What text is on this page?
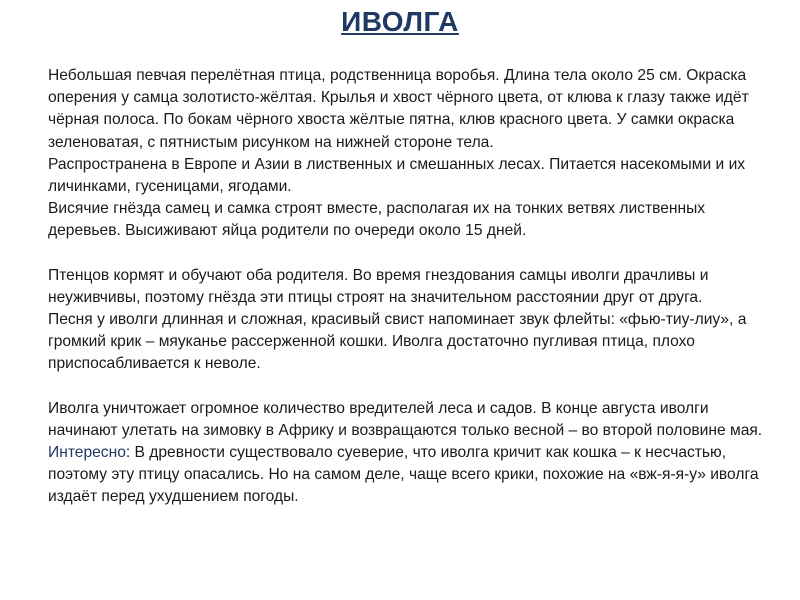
ИВОЛГА

Небольшая певчая перелётная птица, родственница воробья. Длина тела около 25 см. Окраска оперения у самца золотисто-жёлтая. Крылья и хвост чёрного цвета, от клюва к глазу также идёт чёрная полоса. По бокам чёрного хвоста жёлтые пятна, клюв красного цвета. У самки окраска зеленоватая, с пятнистым рисунком на нижней стороне тела.

Распространена в Европе и Азии в лиственных и смешанных лесах. Питается насекомыми и их личинками, гусеницами, ягодами.

Висячие гнёзда самец и самка строят вместе, располагая их на тонких ветвях лиственных деревьев. Высиживают яйца родители по очереди около 15 дней.

Птенцов кормят и обучают оба родителя. Во время гнездования самцы иволги драчливы и неуживчивы, поэтому гнёзда эти птицы строят на значительном расстоянии друг от друга.

Песня у иволги длинная и сложная, красивый свист напоминает звук флейты: «фью-тиу-лиу», а громкий крик – мяуканье рассерженной кошки. Иволга достаточно пугливая птица, плохо приспосабливается к неволе.

Иволга уничтожает огромное количество вредителей леса и садов. В конце августа иволги начинают улетать на зимовку в Африку и возвращаются только весной – во второй половине мая.

Интересно: В древности существовало суеверие, что иволга кричит как кошка – к несчастью, поэтому эту птицу опасались. Но на самом деле, чаще всего крики, похожие на «вж-я-я-у» иволга издаёт перед ухудшением погоды.
